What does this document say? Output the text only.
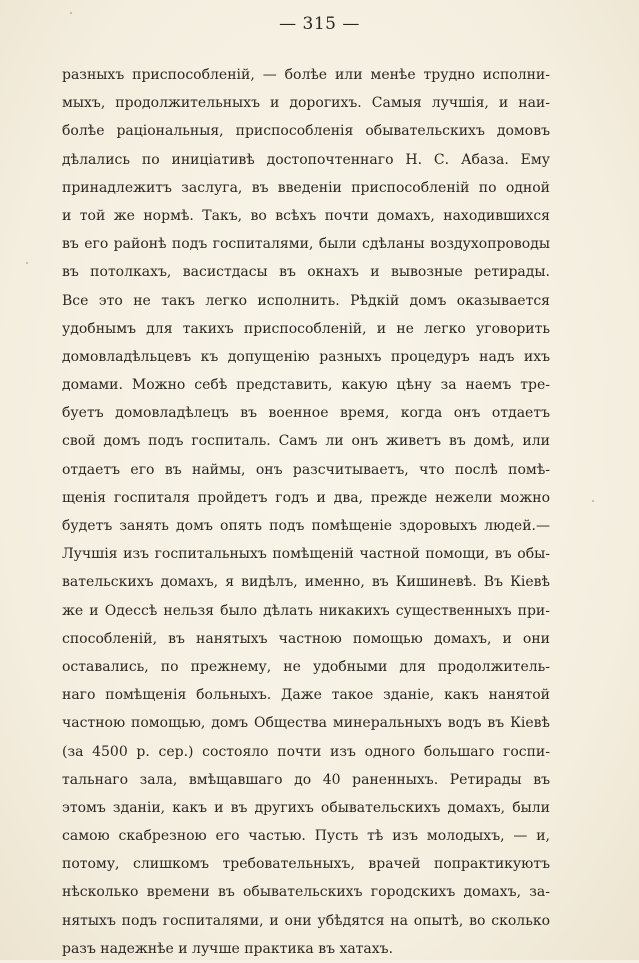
— 315 —
разныхъ приспособленій, — болѣе или менѣе трудно исполни-
мыхъ, продолжительныхъ и дорогихъ. Самыя лучшія, и наи-
болѣе раціональныя, приспособленія обывательскихъ домовъ
дѣлались по иниціативѣ достопочтеннаго Н. С. Абаза. Ему
принадлежитъ заслуга, въ введеніи приспособленій по одной
и той же нормѣ. Такъ, во всѣхъ почти домахъ, находившихся
въ его районѣ подъ госпиталями, были сдѣланы воздухопроводы
въ потолкахъ, васистдасы въ окнахъ и вывозные ретирады.
Все это не такъ легко исполнить. Рѣдкій домъ оказывается
удобнымъ для такихъ приспособленій, и не легко уговорить
домовладѣльцевъ къ допущенію разныхъ процедуръ надъ ихъ
домами. Можно себѣ представить, какую цѣну за наемъ тре-
буетъ домовладѣлецъ въ военное время, когда онъ отдаетъ
свой домъ подъ госпиталь. Самъ ли онъ живетъ въ домѣ, или
отдаетъ его въ наймы, онъ разсчитываетъ, что послѣ помѣ-
щенія госпиталя пройдетъ годъ и два, прежде нежели можно
будетъ занять домъ опять подъ помѣщеніе здоровыхъ людей.—
Лучшія изъ госпитальныхъ помѣщеній частной помощи, въ обы-
вательскихъ домахъ, я видѣлъ, именно, въ Кишиневѣ. Въ Кіевѣ
же и Одессѣ нельзя было дѣлать никакихъ существенныхъ при-
способленій, въ нанятыхъ частною помощью домахъ, и они
оставались, по прежнему, не удобными для продолжитель-
наго помѣщенія больныхъ. Даже такое зданіе, какъ нанятой
частною помощью, домъ Общества минеральныхъ водъ въ Кіевѣ
(за 4500 р. сер.) состояло почти изъ одного большаго госпи-
тальнаго зала, вмѣщавшаго до 40 раненныхъ. Ретирады въ
этомъ зданіи, какъ и въ другихъ обывательскихъ домахъ, были
самою скабрезною его частью. Пусть тѣ изъ молодыхъ, — и,
потому, слишкомъ требовательныхъ, врачей попрактикуютъ
нѣсколько времени въ обывательскихъ городскихъ домахъ, за-
нятыхъ подъ госпиталями, и они убѣдятся на опытѣ, во сколько
разъ надежнѣе и лучше практика въ хатахъ.
